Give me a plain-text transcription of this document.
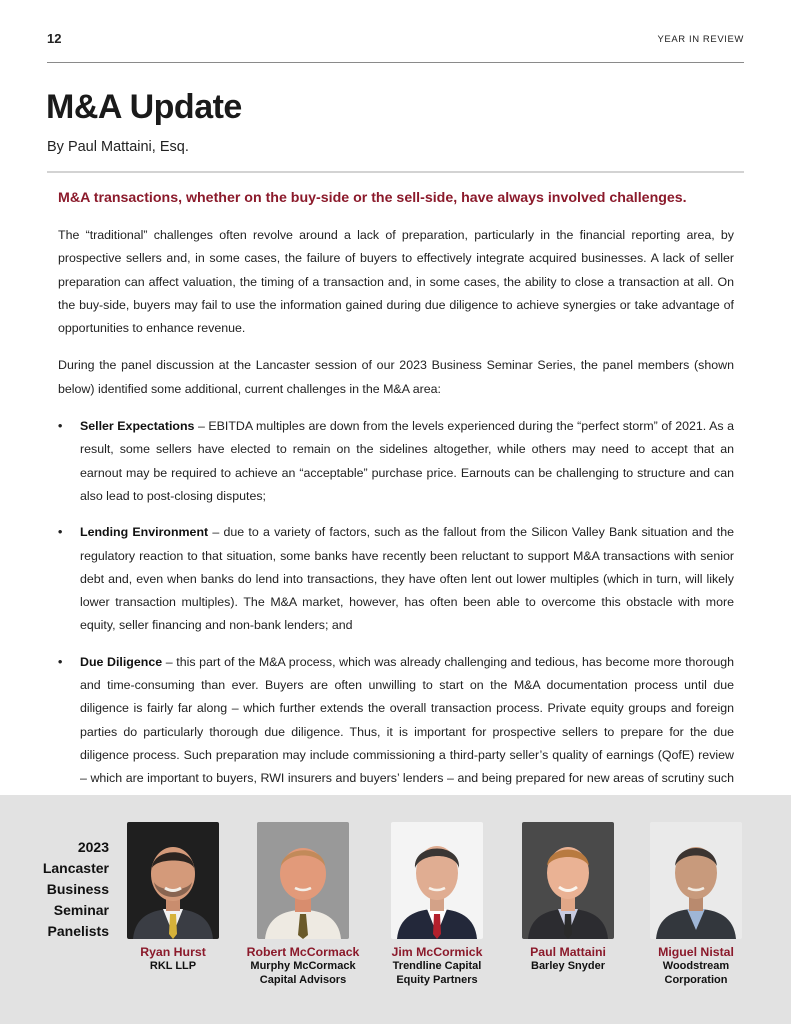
12	YEAR IN REVIEW
M&A Update
By Paul Mattaini, Esq.
M&A transactions, whether on the buy-side or the sell-side, have always involved challenges.

The “traditional” challenges often revolve around a lack of preparation, particularly in the financial reporting area, by prospective sellers and, in some cases, the failure of buyers to effectively integrate acquired businesses. A lack of seller preparation can affect valuation, the timing of a transaction and, in some cases, the ability to close a transaction at all. On the buy-side, buyers may fail to use the information gained during due diligence to achieve synergies or take advantage of opportunities to enhance revenue.

During the panel discussion at the Lancaster session of our 2023 Business Seminar Series, the panel members (shown below) identified some additional, current challenges in the M&A area:

• Seller Expectations – EBITDA multiples are down from the levels experienced during the “perfect storm” of 2021. As a result, some sellers have elected to remain on the sidelines altogether, while others may need to accept that an earnout may be required to achieve an “acceptable” purchase price. Earnouts can be challenging to structure and can also lead to post-closing disputes;
• Lending Environment – due to a variety of factors, such as the fallout from the Silicon Valley Bank situation and the regulatory reaction to that situation, some banks have recently been reluctant to support M&A transactions with senior debt and, even when banks do lend into transactions, they have often lent out lower multiples (which in turn, will likely lower transaction multiples). The M&A market, however, has often been able to overcome this obstacle with more equity, seller financing and non-bank lenders; and
• Due Diligence – this part of the M&A process, which was already challenging and tedious, has become more thorough and time-consuming than ever. Buyers are often unwilling to start on the M&A documentation process until due diligence is fairly far along – which further extends the overall transaction process. Private equity groups and foreign parties do particularly thorough due diligence. Thus, it is important for prospective sellers to prepare for the due diligence process. Such preparation may include commissioning a third-party seller’s quality of earnings (QofE) review – which are important to buyers, RWI insurers and buyers’ lenders – and being prepared for new areas of scrutiny such
2023
Lancaster
Business
Seminar
Panelists
Ryan Hurst
RKL LLP
Robert McCormack
Murphy McCormack
Capital Advisors
Jim McCormick
Trendline Capital
Equity Partners
Paul Mattaini
Barley Snyder
Miguel Nistal
Woodstream
Corporation
